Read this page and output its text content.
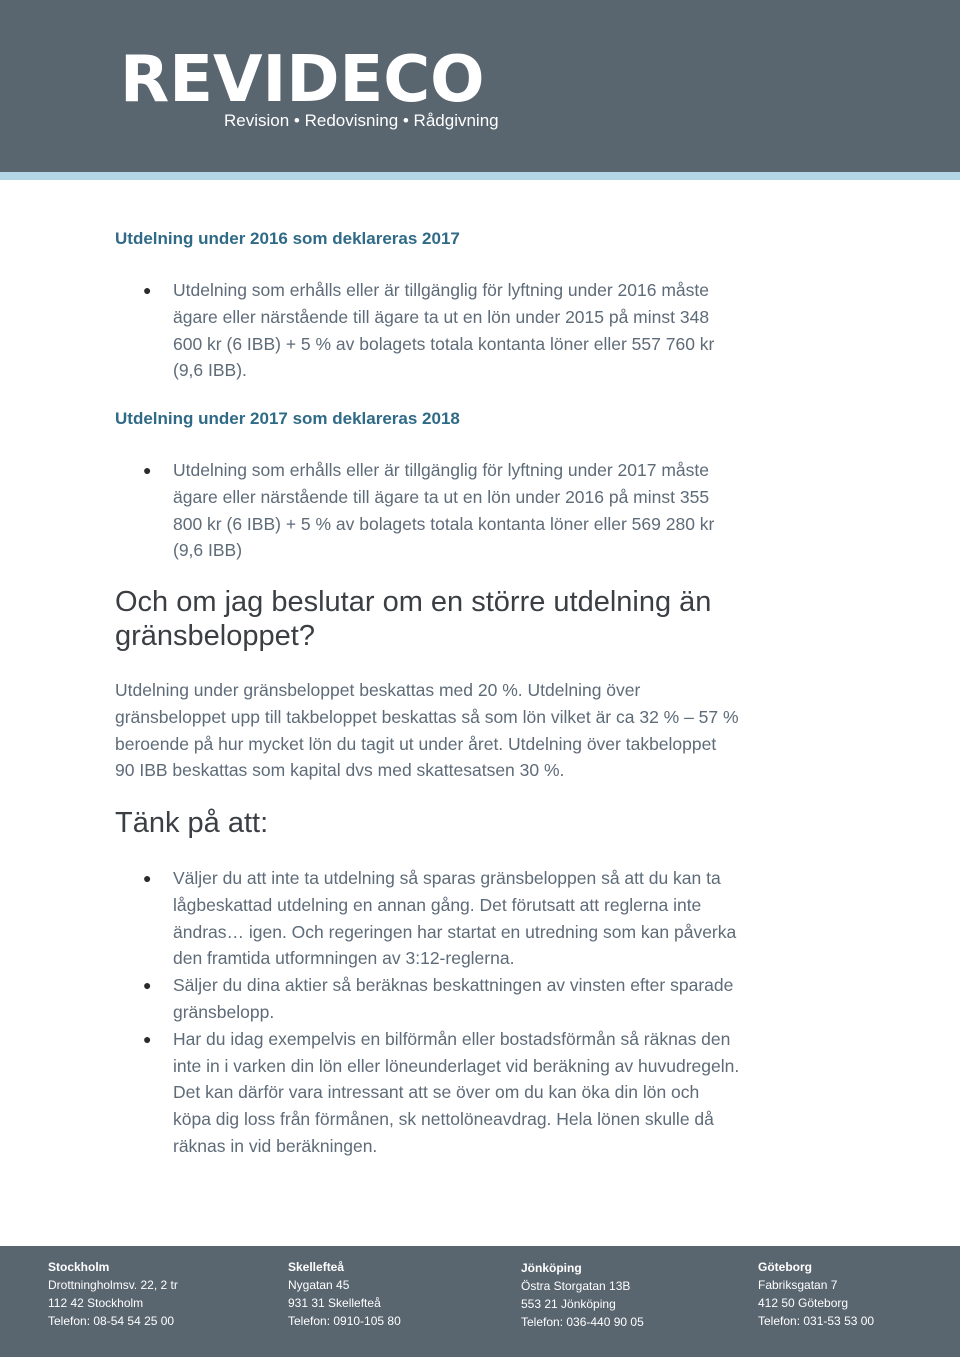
REVIDECO
Revision • Redovisning • Rådgivning
Utdelning under 2016 som deklareras 2017
● Utdelning som erhålls eller är tillgänglig för lyftning under 2016 måste ägare eller närstående till ägare ta ut en lön under 2015 på minst 348 600 kr (6 IBB) + 5 % av bolagets totala kontanta löner eller 557 760 kr (9,6 IBB).
Utdelning under 2017 som deklareras 2018
● Utdelning som erhålls eller är tillgänglig för lyftning under 2017 måste ägare eller närstående till ägare ta ut en lön under 2016 på minst 355 800 kr (6 IBB) + 5 % av bolagets totala kontanta löner eller 569 280 kr (9,6 IBB)
Och om jag beslutar om en större utdelning än gränsbeloppet?

Utdelning under gränsbeloppet beskattas med 20 %. Utdelning över gränsbeloppet upp till takbeloppet beskattas så som lön vilket är ca 32 % – 57 % beroende på hur mycket lön du tagit ut under året. Utdelning över takbeloppet 90 IBB beskattas som kapital dvs med skattesatsen 30 %.

Tänk på att:
● Väljer du att inte ta utdelning så sparas gränsbeloppen så att du kan ta lågbeskattad utdelning en annan gång. Det förutsatt att reglerna inte ändras… igen. Och regeringen har startat en utredning som kan påverka den framtida utformningen av 3:12-reglerna.
● Säljer du dina aktier så beräknas beskattningen av vinsten efter sparade gränsbelopp.
● Har du idag exempelvis en bilförmån eller bostadsförmån så räknas den inte in i varken din lön eller löneunderlaget vid beräkning av huvudregeln. Det kan därför vara intressant att se över om du kan öka din lön och köpa dig loss från förmånen, sk nettolöneavdrag. Hela lönen skulle då räknas in vid beräkningen.
Stockholm
Drottningholmsv. 22, 2 tr
112 42 Stockholm
Telefon: 08-54 54 25 00
Skellefteå
Nygatan 45
931 31 Skellefteå
Telefon: 0910-105 80
Jönköping
Östra Storgatan 13B
553 21 Jönköping
Telefon: 036-440 90 05
Göteborg
Fabriksgatan 7
412 50 Göteborg
Telefon: 031-53 53 00
